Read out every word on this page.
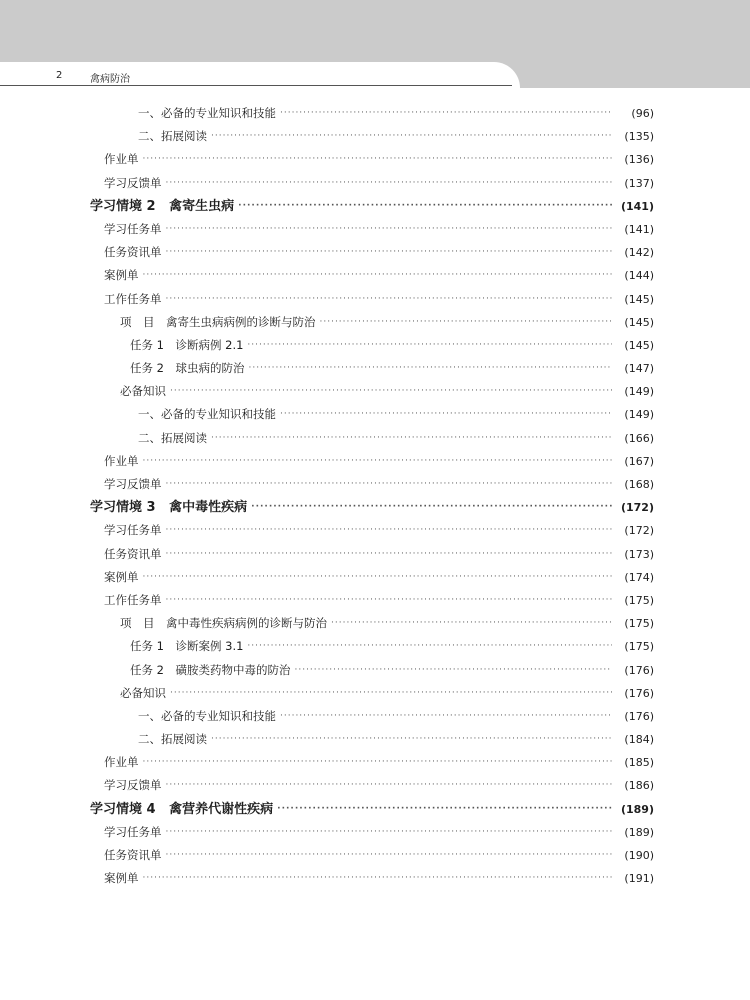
2	禽病防治
一、必备的专业知识和技能 ·····	(96)
二、拓展阅读 ·····	(135)
作业单 ·····	(136)
学习反馈单 ·····	(137)
学习情境 2   禽寄生虫病 ·····	(141)
学习任务单 ·····	(141)
任务资讯单 ·····	(142)
案例单 ·····	(144)
工作任务单 ·····	(145)
项　目　禽寄生虫病病例的诊断与防治 ·····	(145)
任务 1　诊断病例 2.1 ·····	(145)
任务 2　球虫病的防治 ·····	(147)
必备知识 ·····	(149)
一、必备的专业知识和技能 ·····	(149)
二、拓展阅读 ·····	(166)
作业单 ·····	(167)
学习反馈单 ·····	(168)
学习情境 3   禽中毒性疾病 ·····	(172)
学习任务单 ·····	(172)
任务资讯单 ·····	(173)
案例单 ·····	(174)
工作任务单 ·····	(175)
项　目　禽中毒性疾病病例的诊断与防治 ·····	(175)
任务 1　诊断案例 3.1 ·····	(175)
任务 2　磺胺类药物中毒的防治 ·····	(176)
必备知识 ·····	(176)
一、必备的专业知识和技能 ·····	(176)
二、拓展阅读 ·····	(184)
作业单 ·····	(185)
学习反馈单 ·····	(186)
学习情境 4   禽营养代谢性疾病 ·····	(189)
学习任务单 ·····	(189)
任务资讯单 ·····	(190)
案例单 ·····	(191)
